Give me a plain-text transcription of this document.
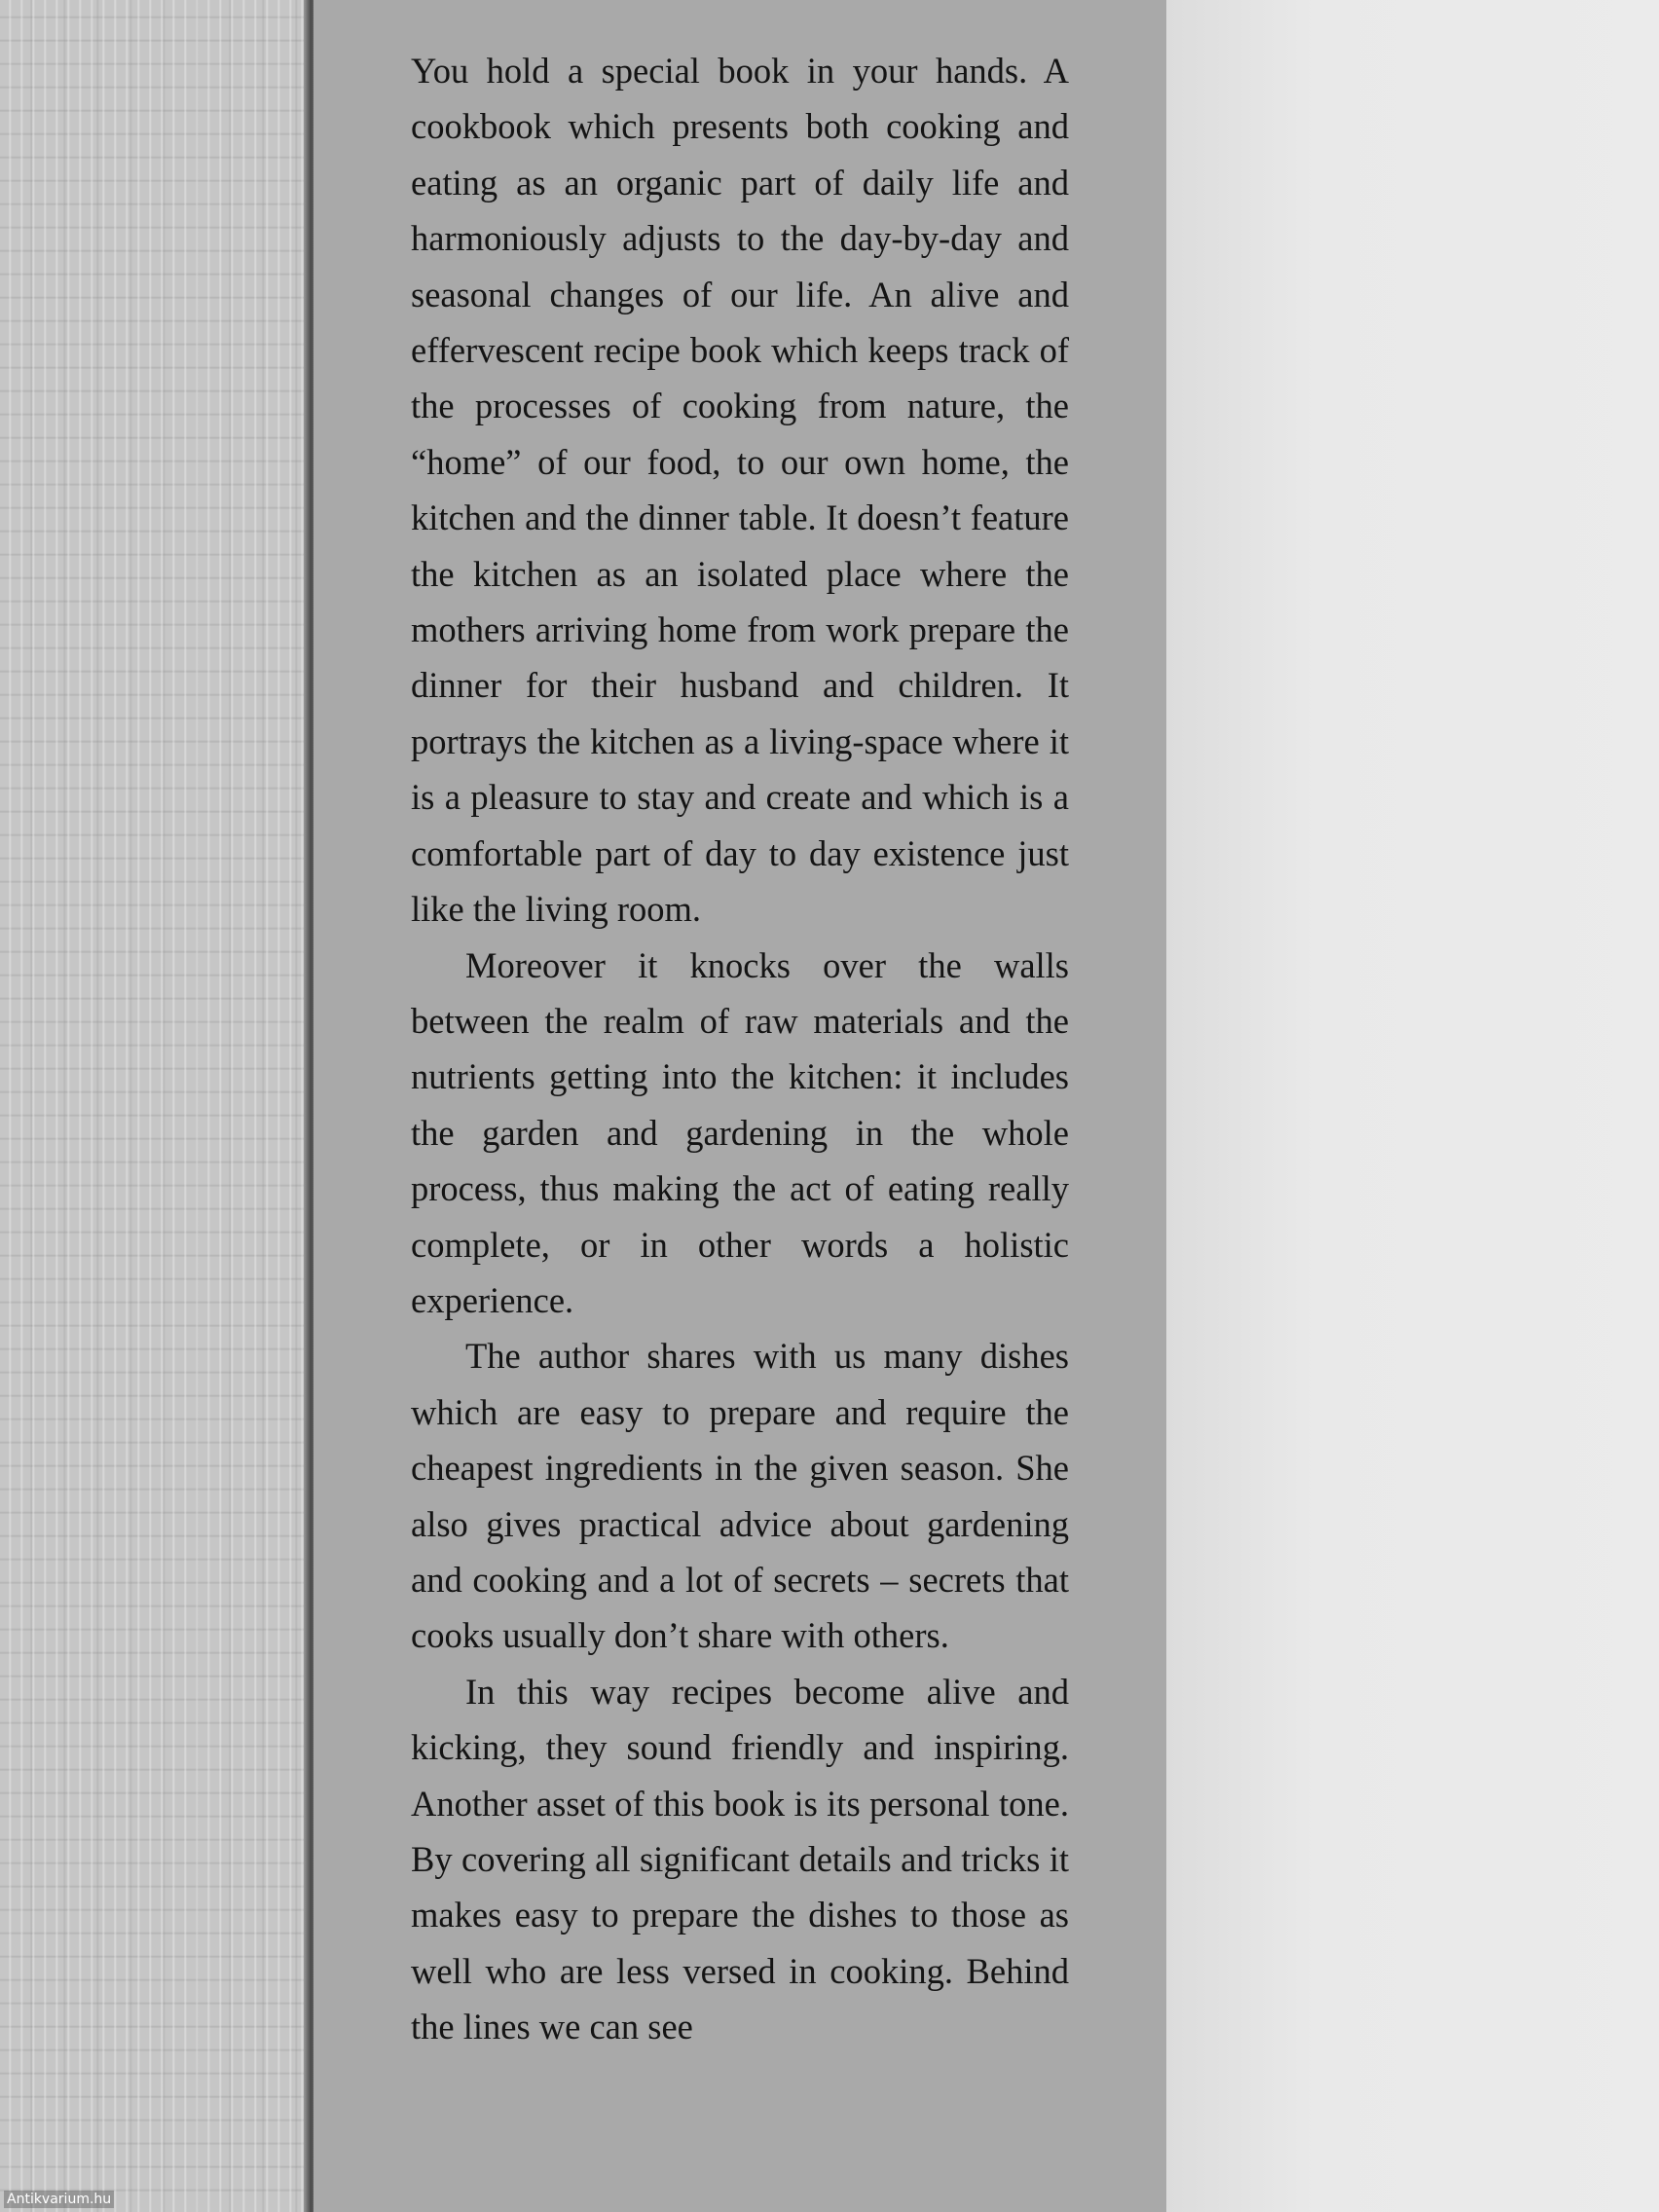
You hold a special book in your hands. A cookbook which presents both cooking and eating as an organic part of daily life and harmoniously adjusts to the day-by-day and seasonal changes of our life. An alive and effervescent recipe book which keeps track of the processes of cooking from nature, the “home” of our food, to our own home, the kitchen and the dinner table. It doesn’t feature the kitchen as an isolated place where the mothers arriving home from work prepare the dinner for their husband and children. It portrays the kitchen as a living-space where it is a pleasure to stay and create and which is a comfortable part of day to day existence just like the living room.

Moreover it knocks over the walls between the realm of raw materials and the nutrients getting into the kitchen: it includes the garden and gardening in the whole process, thus making the act of eating really complete, or in other words a holistic experience.

The author shares with us many dishes which are easy to prepare and require the cheapest ingredients in the given season. She also gives practical advice about gardening and cooking and a lot of secrets – secrets that cooks usually don’t share with others.

In this way recipes become alive and kicking, they sound friendly and inspiring. Another asset of this book is its personal tone. By covering all significant details and tricks it makes easy to prepare the dishes to those as well who are less versed in cooking. Behind the lines we can see

Antikvarium.hu
